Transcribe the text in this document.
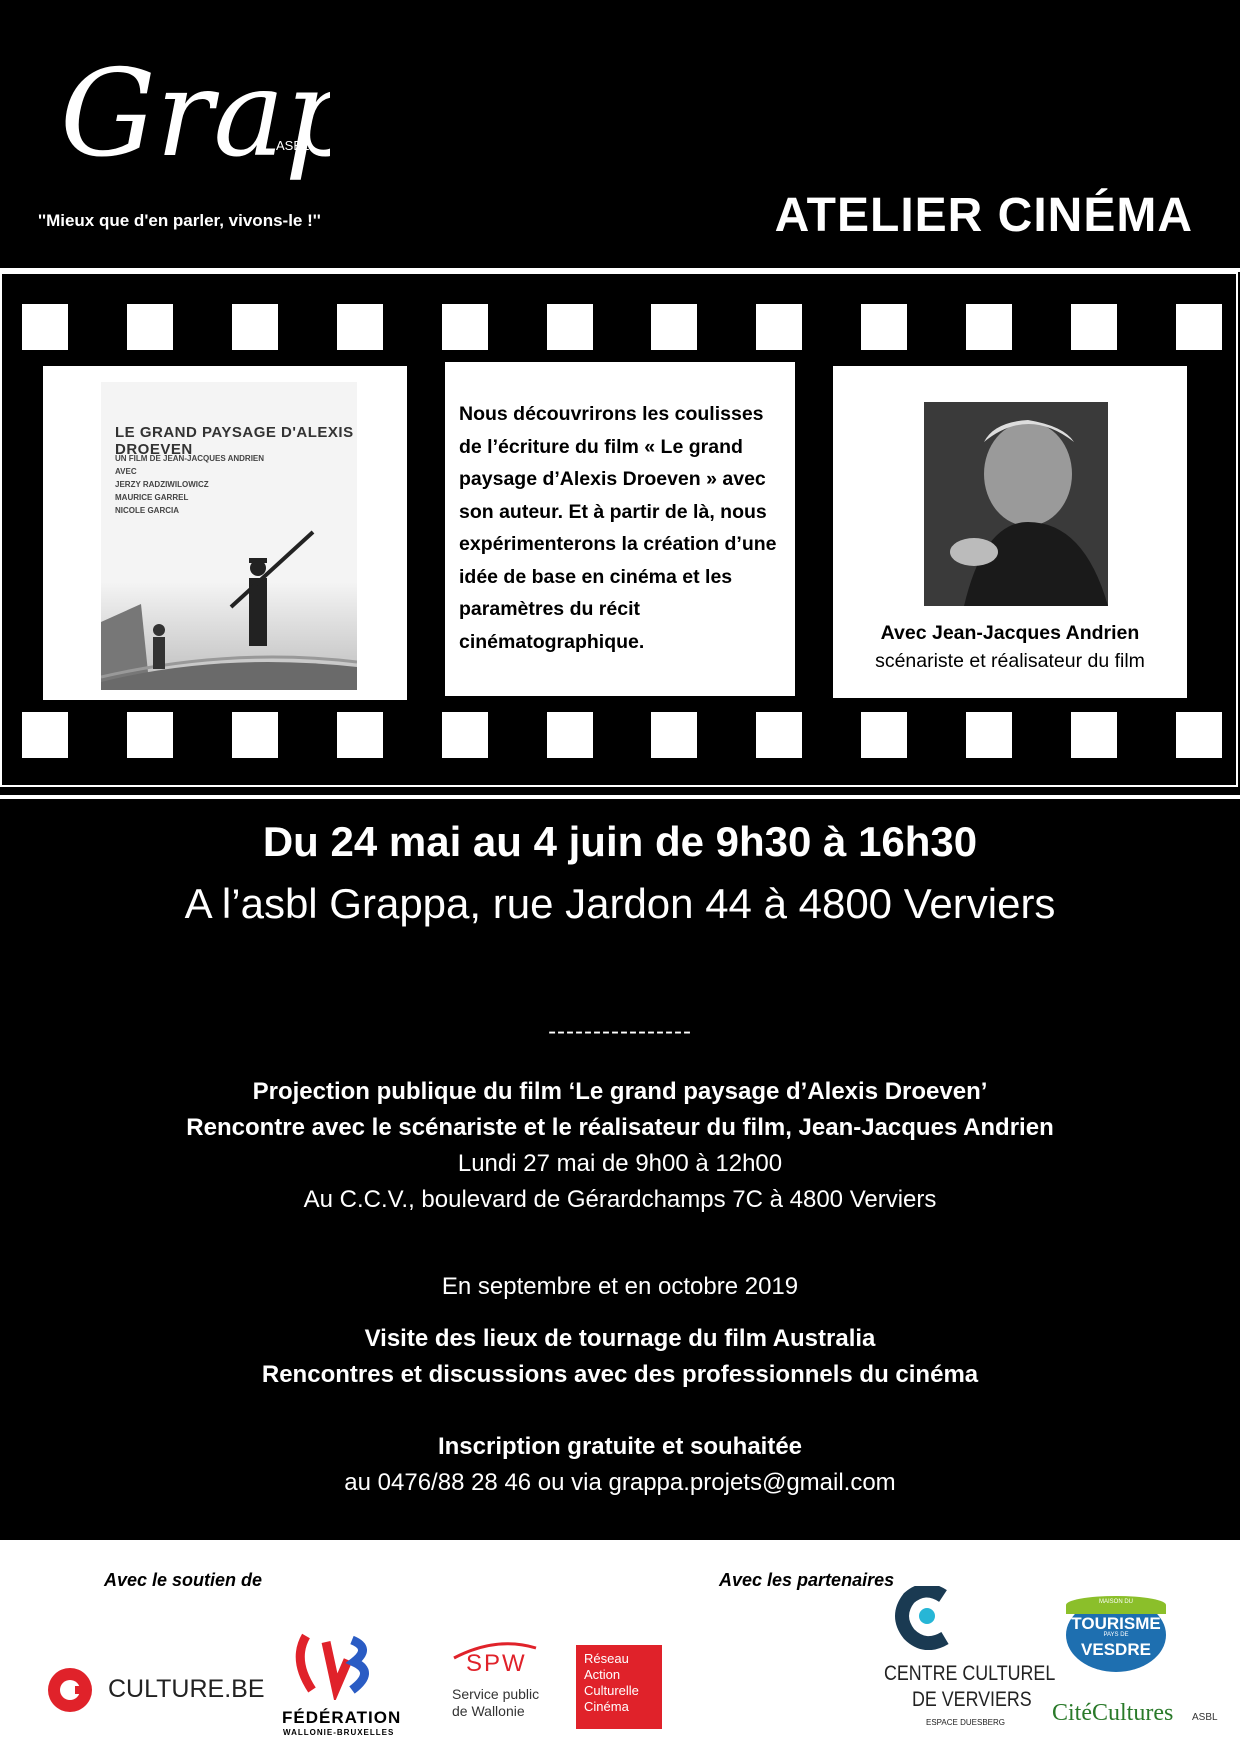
Gra
ASBL
''Mieux que d'en parler, vivons-le !''	ATELIER CINÉMA
LE GRAND PAYSAGE D'ALEXIS DROEVEN
UN FILM DE JEAN-JACQUES ANDRIEN
AVEC
JERZY RADZIWILOWICZ
MAURICE GARREL
NICOLE GARCIA

Nous découvrirons les coulisses de l’écriture du film « Le grand paysage d’Alexis Droeven » avec son auteur. Et à partir de là, nous expérimenterons la création d’une idée de base en cinéma et les paramètres du récit cinématographique.	Avec Jean-Jacques Andrien
scénariste et réalisateur du film
Du 24 mai au 4 juin de 9h30 à 16h30
A l’asbl Grappa, rue Jardon 44 à 4800 Verviers
----------------
Projection publique du film ‘Le grand paysage d’Alexis Droeven’
Rencontre avec le scénariste et le réalisateur du film, Jean-Jacques Andrien
Lundi 27 mai de 9h00 à 12h00
Au C.C.V., boulevard de Gérardchamps 7C à 4800 Verviers
En septembre et en octobre 2019
Visite des lieux de tournage du film Australia
Rencontres et discussions avec des professionnels du cinéma
Inscription gratuite et souhaitée
au 0476/88 28 46 ou via grappa.projets@gmail.com
Avec le soutien de	Avec les partenaires
CULTURE.BE
FÉDÉRATION
WALLONIE-BRUXELLES
SPW
Service public
de Wallonie
Réseau
Action
Culturelle
Cinéma
CENTRE CULTUREL
DE VERVIERS
ESPACE DUESBERG
MAISON DU
TOURISME
PAYS DE
VESDRE
CitéCultures ASBL
